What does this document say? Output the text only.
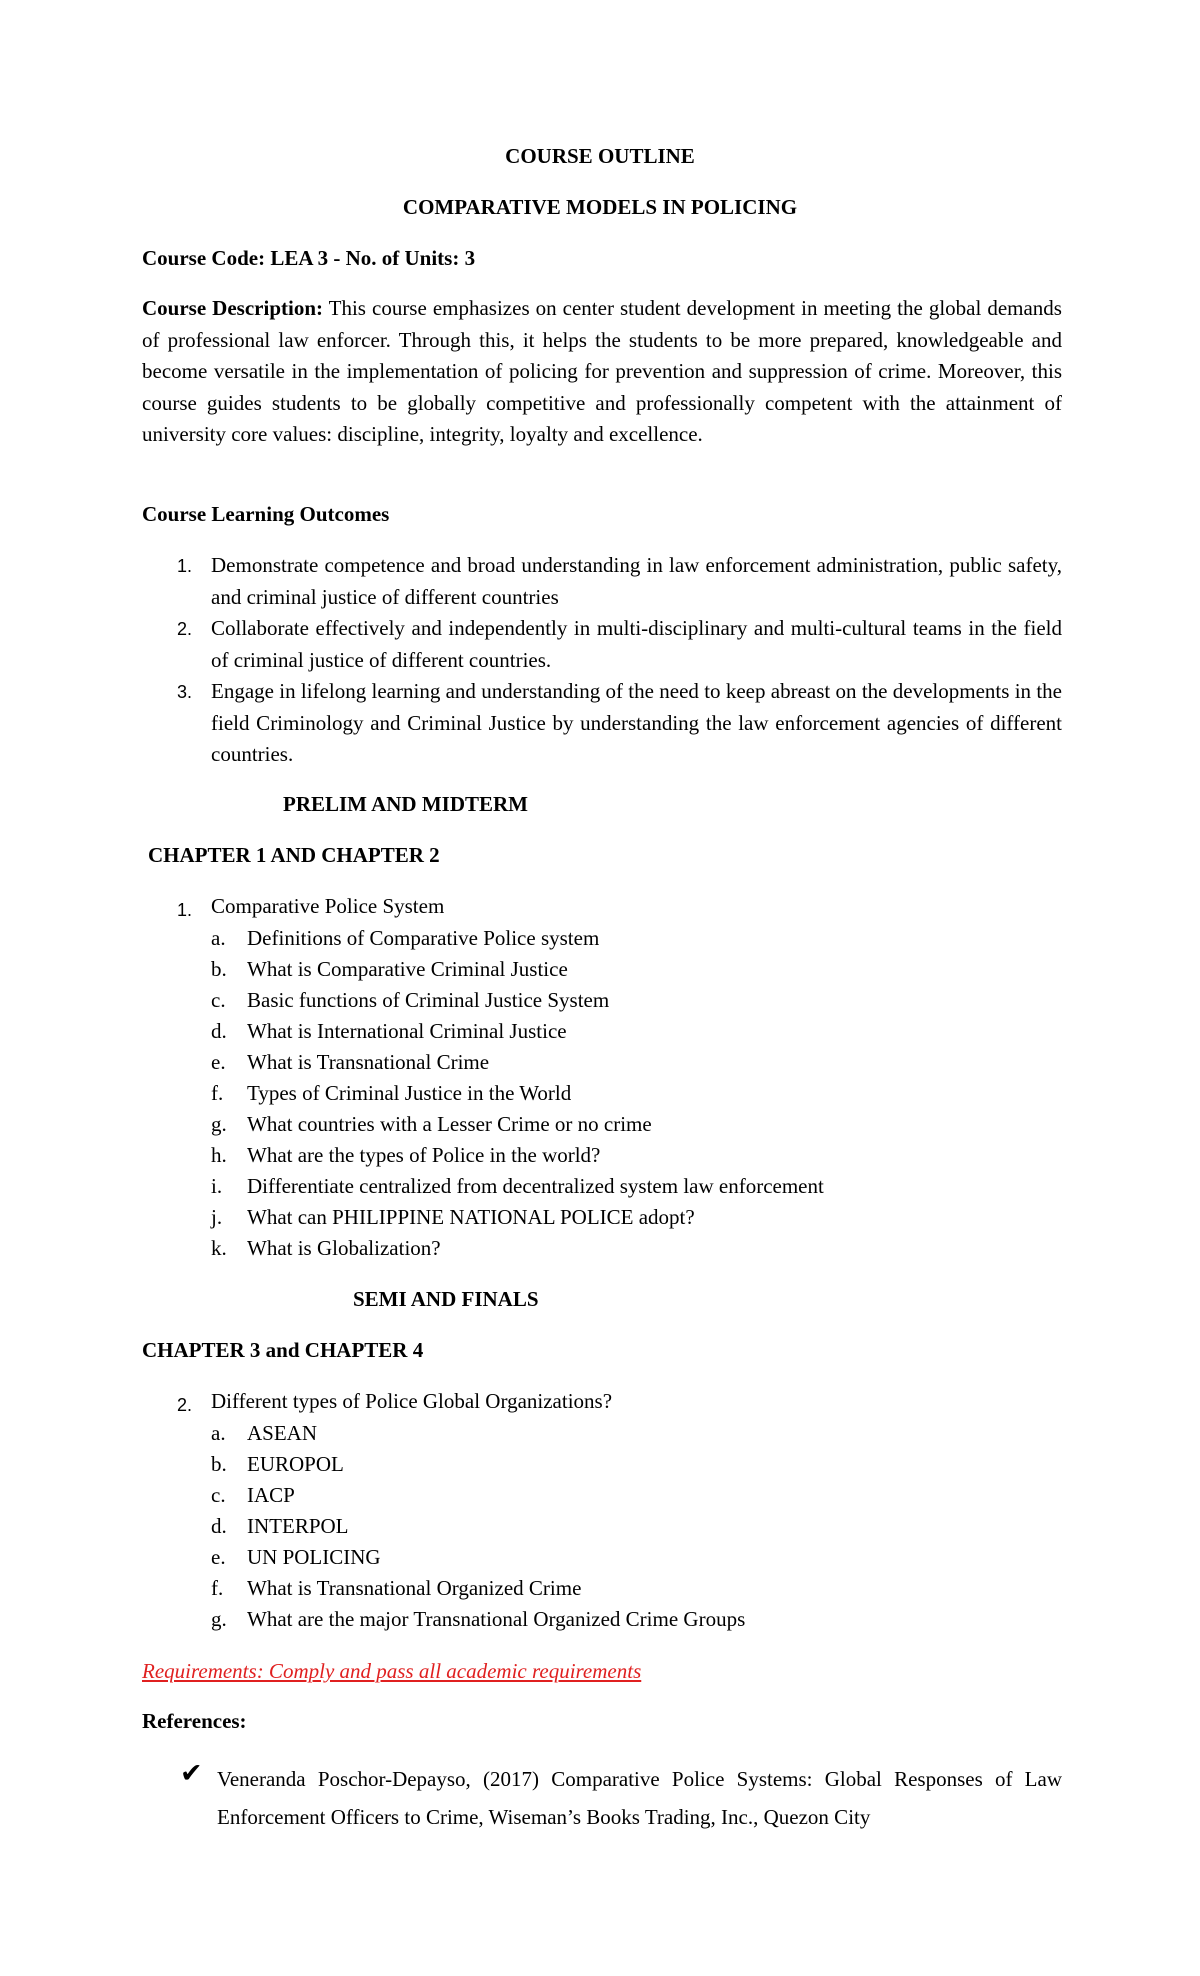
COURSE OUTLINE
COMPARATIVE MODELS IN POLICING
Course Code: LEA 3 - No. of Units: 3
Course Description: This course emphasizes on center student development in meeting the global demands of professional law enforcer. Through this, it helps the students to be more prepared, knowledgeable and become versatile in the implementation of policing for prevention and suppression of crime. Moreover, this course guides students to be globally competitive and professionally competent with the attainment of university core values: discipline, integrity, loyalty and excellence.
Course Learning Outcomes
1. Demonstrate competence and broad understanding in law enforcement administration, public safety, and criminal justice of different countries
2. Collaborate effectively and independently in multi-disciplinary and multi-cultural teams in the field of criminal justice of different countries.
3. Engage in lifelong learning and understanding of the need to keep abreast on the developments in the field Criminology and Criminal Justice by understanding the law enforcement agencies of different countries.
PRELIM AND MIDTERM
CHAPTER 1 AND CHAPTER 2
1. Comparative Police System
a.	Definitions of Comparative Police system
b. What is Comparative Criminal Justice
c.	Basic functions of Criminal Justice System
d. What is International Criminal Justice
e.	What is Transnational Crime
f.	Types of Criminal Justice in the World
g. What countries with a Lesser Crime or no crime
h. What are the types of Police in the world?
i.	Differentiate centralized from decentralized system law enforcement
j.	What can PHILIPPINE NATIONAL POLICE adopt?
k. What is Globalization?
SEMI AND FINALS
CHAPTER 3 and CHAPTER 4
2. Different types of Police Global Organizations?
a.	ASEAN
b. EUROPOL
c.	IACP
d. INTERPOL
e.	UN POLICING
f.	What is Transnational Organized Crime
g. What are the major Transnational Organized Crime Groups
Requirements: Comply and pass all academic requirements
References:
✔ Veneranda Poschor-Depayso, (2017) Comparative Police Systems: Global Responses of Law Enforcement Officers to Crime, Wiseman’s Books Trading, Inc., Quezon City
